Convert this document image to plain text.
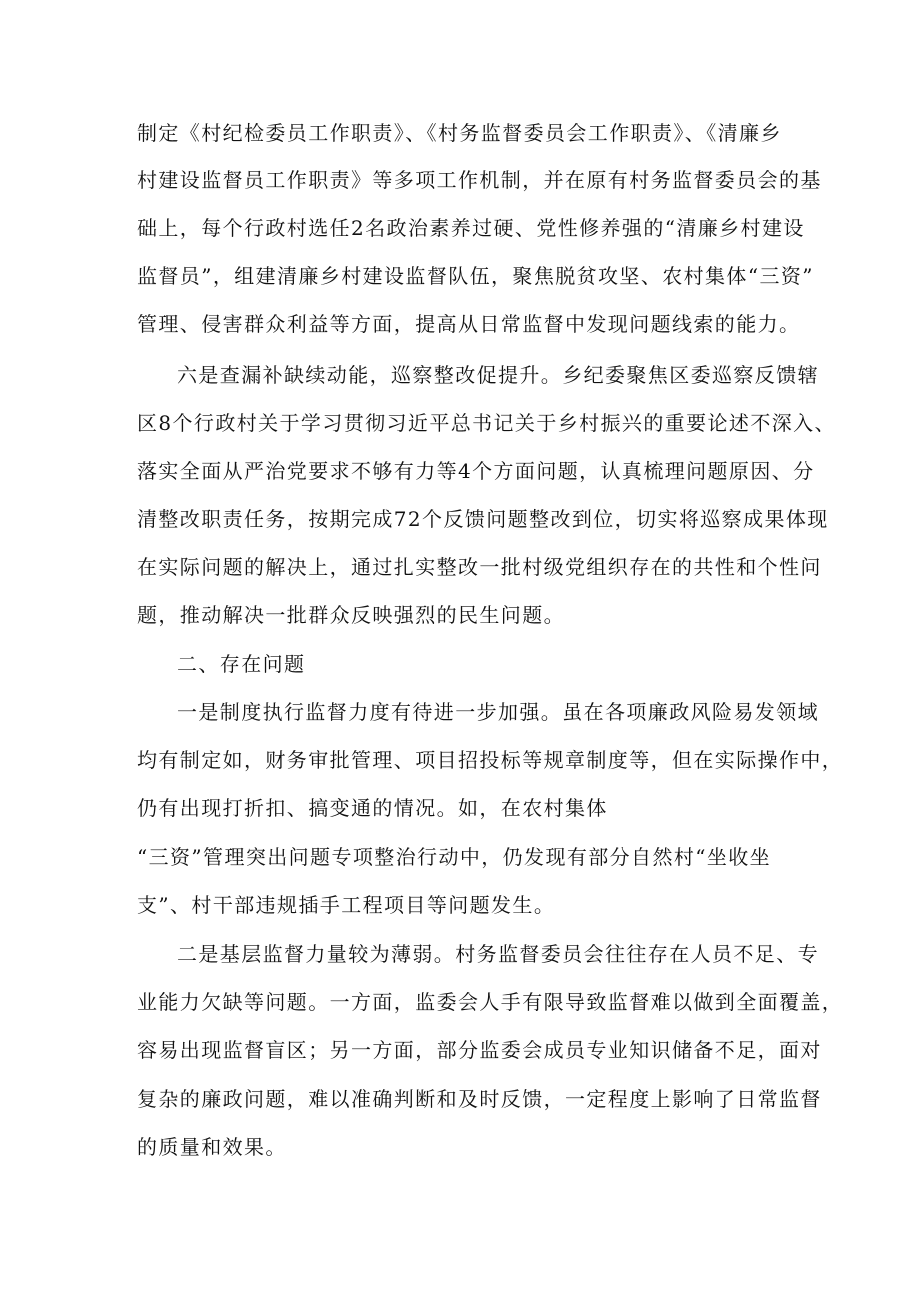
制定《村纪检委员工作职责》、《村务监督委员会工作职责》、《清廉乡
村建设监督员工作职责》等多项工作机制，并在原有村务监督委员会的基
础上，每个行政村选任2名政治素养过硬、党性修养强的“清廉乡村建设
监督员”，组建清廉乡村建设监督队伍，聚焦脱贫攻坚、农村集体“三资”
管理、侵害群众利益等方面，提高从日常监督中发现问题线索的能力。
六是查漏补缺续动能，巡察整改促提升。乡纪委聚焦区委巡察反馈辖
区8个行政村关于学习贯彻习近平总书记关于乡村振兴的重要论述不深入、
落实全面从严治党要求不够有力等4个方面问题，认真梳理问题原因、分
清整改职责任务，按期完成72个反馈问题整改到位，切实将巡察成果体现
在实际问题的解决上，通过扎实整改一批村级党组织存在的共性和个性问
题，推动解决一批群众反映强烈的民生问题。
二、存在问题
一是制度执行监督力度有待进一步加强。虽在各项廉政风险易发领域
均有制定如，财务审批管理、项目招投标等规章制度等，但在实际操作中，
仍有出现打折扣、搞变通的情况。如，在农村集体
“三资”管理突出问题专项整治行动中，仍发现有部分自然村“坐收坐
支”、村干部违规插手工程项目等问题发生。
二是基层监督力量较为薄弱。村务监督委员会往往存在人员不足、专
业能力欠缺等问题。一方面，监委会人手有限导致监督难以做到全面覆盖，
容易出现监督盲区；另一方面，部分监委会成员专业知识储备不足，面对
复杂的廉政问题，难以准确判断和及时反馈，一定程度上影响了日常监督
的质量和效果。
